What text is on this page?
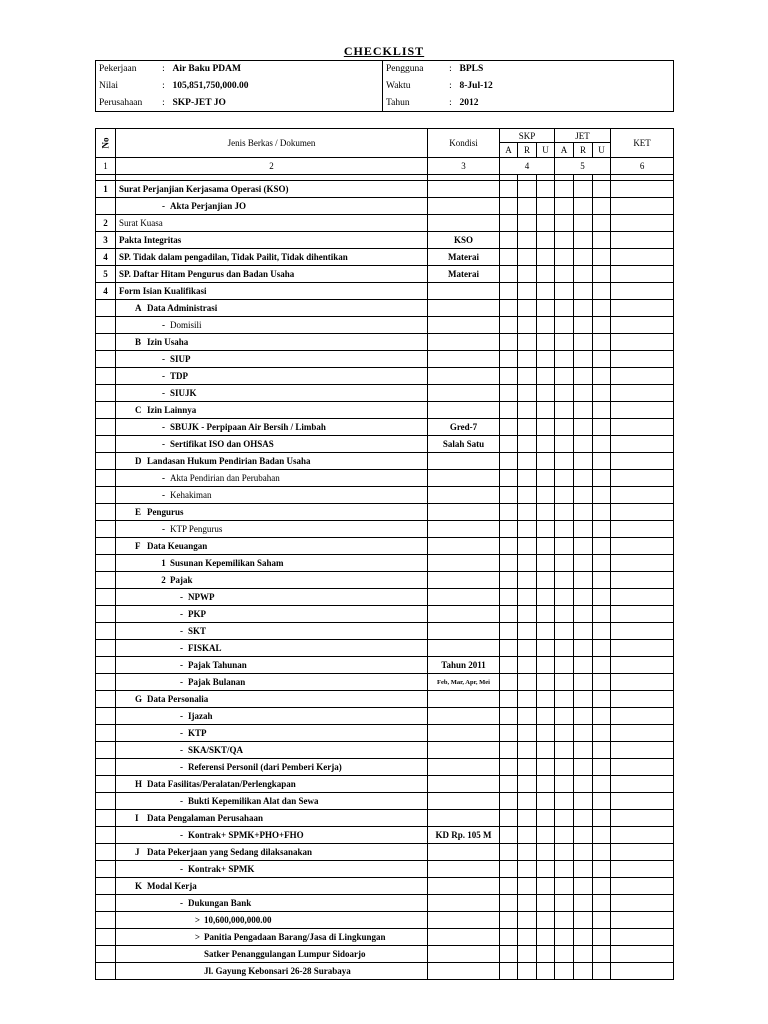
CHECKLIST
Pekerjaan	:	Air Baku PDAM	Pengguna	:	BPLS
Nilai	:	105,851,750,000.00	Waktu	:	8-Jul-12
Perusahaan	:	SKP-JET JO	Tahun	:	2012
No	Jenis Berkas / Dokumen	Kondisi	SKP			JET			KET
			A	R	U	A	R	U	
1	2	3	4			5			6

1	Surat Perjanjian Kerjasama Operasi (KSO)								
	- Akta Perjanjian JO								
2	Surat Kuasa								
3	Pakta Integritas	KSO							
4	SP. Tidak dalam pengadilan, Tidak Pailit, Tidak dihentikan	Materai							
5	SP. Daftar Hitam Pengurus dan Badan Usaha	Materai							
4	Form Isian Kualifikasi								
	A Data Administrasi								
	- Domisili								
	B Izin Usaha								
	- SIUP								
	- TDP								
	- SIUJK								
	C Izin Lainnya								
	- SBUJK - Perpipaan Air Bersih / Limbah	Gred-7							
	- Sertifikat ISO dan OHSAS	Salah Satu							
	D Landasan Hukum Pendirian Badan Usaha								
	- Akta Pendirian dan Perubahan								
	- Kehakiman								
	E Pengurus								
	- KTP Pengurus								
	F Data Keuangan								
	1 Susunan Kepemilikan Saham								
	2 Pajak								
	- NPWP								
	- PKP								
	- SKT								
	- FISKAL								
	- Pajak Tahunan	Tahun 2011							
	- Pajak Bulanan	Feb, Mar, Apr, Mei							
	G Data Personalia								
	- Ijazah								
	- KTP								
	- SKA/SKT/QA								
	- Referensi Personil (dari Pemberi Kerja)								
	H Data Fasilitas/Peralatan/Perlengkapan								
	- Bukti Kepemilikan Alat dan Sewa								
	I Data Pengalaman Perusahaan								
	- Kontrak+ SPMK+PHO+FHO	KD Rp. 105 M							
	J Data Pekerjaan yang Sedang dilaksanakan								
	- Kontrak+ SPMK								
	K Modal Kerja								
	- Dukungan Bank								
	> 10,600,000,000.00								
	> Panitia Pengadaan Barang/Jasa di Lingkungan								
	Satker Penanggulangan Lumpur Sidoarjo								
	Jl. Gayung Kebonsari 26-28 Surabaya								
